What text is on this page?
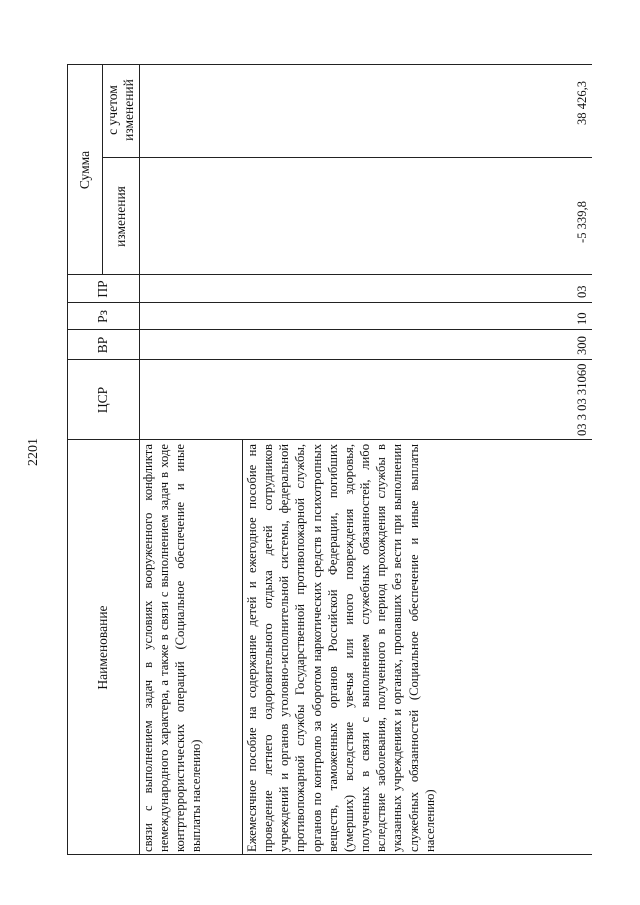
2201
Наименование
ЦСР
ВР
Рз
ПР
Сумма
изменения
с учетом изменений
связи с выполнением задач в условиях вооруженного конфликта немеждународного характера, а также в связи с выполнением задач в ходе контртеррористических операций (Социальное обеспечение и иные выплаты населению)	Ежемесячное пособие на содержание детей и ежегодное пособие на проведение летнего оздоровительного отдыха детей сотрудников учреждений и органов уголовно-исполнительной системы, федеральной противопожарной службы Государственной противопожарной службы, органов по контролю за оборотом наркотических средств и психотропных веществ, таможенных органов Российской Федерации, погибших (умерших) вследствие увечья или иного повреждения здоровья, полученных в связи с выполнением служебных обязанностей, либо вследствие заболевания, полученного в период прохождения службы в указанных учреждениях и органах, пропавших без вести при выполнении служебных обязанностей (Социальное обеспечение и иные выплаты населению)
03 3 03 31060
300
10
03
-5 339,8
38 426,3
